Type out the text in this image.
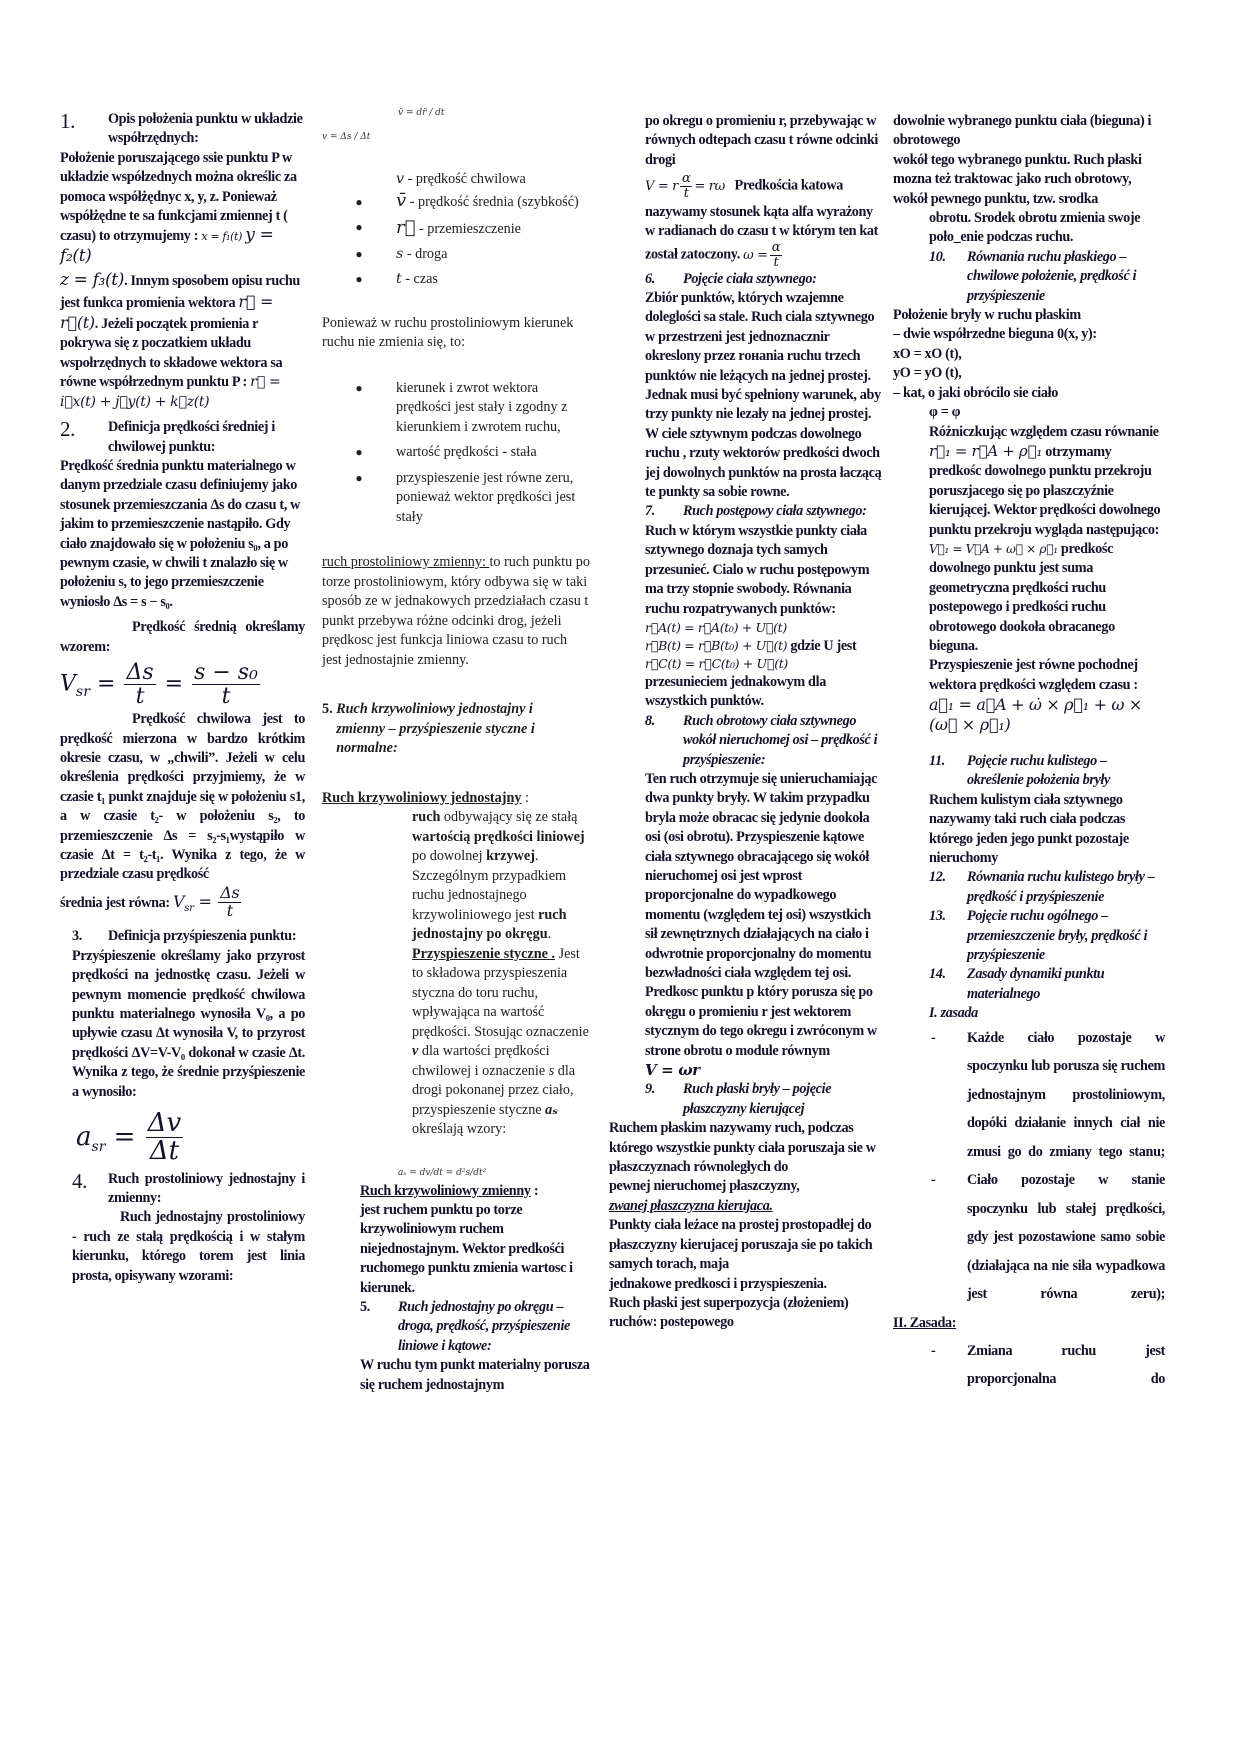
1.	Opis położenia punktu w układzie współrzędnych:
Położenie poruszającego ssie punktu P w układzie współzednych można określic za pomoca współżędnyc x, y, z. Ponieważ współżędne te sa funkcjami zmiennej t ( czasu) to otrzymujemy : x = f₁(t) y = f₂(t)
z = f₃(t). Innym sposobem opisu ruchu jest funkca promienia wektora r⃗ = r⃗(t). Jeżeli początek promienia r pokrywa się z poczatkiem układu wspołrzędnych to składowe wektora sa równe współrzednym punktu P : r⃗ = i⃗x(t) + j⃗y(t) + k⃗z(t)
2.	Definicja prędkości średniej i chwilowej punktu:
Prędkość średnia punktu materialnego w danym przedziale czasu definiujemy jako stosunek przemieszczania Δs do czasu t, w jakim to przemieszczenie nastąpiło. Gdy ciało znajdowało się w położeniu s₀, a po pewnym czasie, w chwili t znalazło się w położeniu s, to jego przemieszczenie wyniosło Δs = s − s₀.
Prędkość średnią określamy wzorem:
$V_{sr} = \frac{\Delta s}{t} = \frac{\text{s − s₀}}{t}$
Prędkość chwilowa jest to prędkość mierzona w bardzo krótkim okresie czasu, w „chwili”. Jeżeli w celu określenia prędkości przyjmiemy, że w czasie t₁ punkt znajduje się w położeniu s1, a w czasie t₂- w położeniu s₂, to przemieszczenie Δs = s₂-s₁wystąpiło w czasie Δt = t₂-t₁. Wynika z tego, że w przedziale czasu prędkość
średnia jest równa: $V_{sr} = \frac{\Delta s}{t}$
3.	Definicja przyśpieszenia punktu:
Przyśpieszenie określamy jako przyrost prędkości na jednostkę czasu. Jeżeli w pewnym momencie prędkość chwilowa punktu materialnego wynosiła V₀, a po upływie czasu Δt wynosiła V, to przyrost prędkości ΔV=V-V₀ dokonał w czasie Δt. Wynika z tego, że średnie przyśpieszenie a wynosiło:
$a_{sr} = \frac{\Delta v}{\Delta t}$
4.	Ruch prostoliniowy jednostajny i zmienny:
Ruch jednostajny prostoliniowy - ruch ze stałą prędkością i w stałym kierunku, którego torem jest linia prosta, opisywany wzorami:
v = Δs / Δt
v̄ = dr̄ / dt
v - prędkość chwilowa
●	v̄ - prędkość średnia (szybkość)
●	r⃗ - przemieszczenie
●	s - droga
●	t - czas
Ponieważ w ruchu prostoliniowym kierunek ruchu nie zmienia się, to:
●	kierunek i zwrot wektora prędkości jest stały i zgodny z kierunkiem i zwrotem ruchu,
●	wartość prędkości - stała
●	przyspieszenie jest równe zeru, ponieważ wektor prędkości jest stały
ruch prostoliniowy zmienny: to ruch punktu po torze prostoliniowym, który odbywa się w taki sposób ze w jednakowych przedziałach czasu t punkt przebywa różne odcinki drog, jeżeli prędkosc jest funkcja liniowa czasu to ruch jest jednostajnie zmienny.
5.
Ruch krzywoliniowy jednostajny i zmienny – przyśpieszenie styczne i normalne:
Ruch krzywoliniowy jednostajny :
ruch odbywający się ze stałą wartością prędkości liniowej po dowolnej krzywej. Szczególnym przypadkiem ruchu jednostajnego krzywoliniowego jest ruch jednostajny po okręgu. Przyspieszenie styczne . Jest to składowa przyspieszenia styczna do toru ruchu, wpływająca na wartość prędkości. Stosując oznaczenie v dla wartości prędkości chwilowej i oznaczenie s dla drogi pokonanej przez ciało, przyspieszenie styczne aₛ określają wzory:
aₛ = dv/dt = d²s/dt²
Ruch krzywoliniowy zmienny :
jest ruchem punktu po torze krzywoliniowym ruchem niejednostajnym. Wektor predkośći ruchomego punktu zmienia wartosc i kierunek.
5.	Ruch jednostajny po okręgu – droga, prędkość, przyśpieszenie liniowe i kątowe:
W ruchu tym punkt materialny porusza się ruchem jednostajnym
po okregu o promieniu r, przebywając w równych odtepach czasu t równe odcinki drogi
V = r $\frac{\alpha}{t} = r\omega$ Predkościa katowa
nazywamy stosunek kąta alfa wyrażony w radianach do czasu t w którym ten kat został zatoczony. $\omega = \frac{\alpha}{t}$
6.	Pojęcie ciała sztywnego:
Zbiór punktów, których wzajemne doleglości sa stale. Ruch ciala sztywnego w przestrzeni jest jednoznacznir okreslony przez rонania ruchu trzech punktów nie leżących na jednej prostej. Jednak musi być spełniony warunek, aby trzy punkty nie lezały na jednej prostej. W ciele sztywnym podczas dowolnego ruchu , rzuty wektorów predkości dwoch jej dowolnych punktów na prosta łaczącą te punkty sa sobie rowne.
7.	Ruch postępowy ciała sztywnego:
Ruch w którym wszystkie punkty ciała sztywnego doznaja tych samych przesunieć. Cialo w ruchu postępowym ma trzy stopnie swobody. Równania ruchu rozpatrywanych punktów:
r⃗A(t) = r⃗A(t₀) + U⃗(t)
r⃗B(t) = r⃗B(t₀) + U⃗(t) gdzie U jest
r⃗C(t) = r⃗C(t₀) + U⃗(t)
przesunieciem jednakowym dla wszystkich punktów.
8.	Ruch obrotowy ciała sztywnego wokół nieruchomej osi – prędkość i przyśpieszenie:
Ten ruch otrzymuje się unieruchamiając dwa punkty bryły. W takim przypadku bryla może obracac się jedynie dookoła osi (osi obrotu). Przyspieszenie kątowe ciała sztywnego obracającego się wokół nieruchomej osi jest wprost proporcjonalne do wypadkowego momentu (względem tej osi) wszystkich sił zewnętrznych działających na ciało i odwrotnie proporcjonalny do momentu bezwładności ciała względem tej osi.
Predkosc punktu p który porusza się po okręgu o promieniu r jest wektorem stycznym do tego okregu i zwróconym w strone obrotu o module równym
V = ωr
9.	Ruch płaski bryły – pojęcie płaszczyzny kierującej
Ruchem płaskim nazywamy ruch, podczas którego wszystkie punkty ciała poruszaja sie w płaszczyznach równoległych do
pewnej nieruchomej płaszczyzny,
zwanej płaszczyzna kierujaca.
Punkty ciała leżace na prostej prostopadłej do płaszczyzny kierujacej poruszaja sie po takich samych torach, maja
jednakowe predkosci i przyspieszenia.
Ruch płaski jest superpozycja (złożeniem) ruchów: postepowego
dowolnie wybranego punktu ciała (bieguna) i obrotowego
wokół tego wybranego punktu. Ruch płaski mozna też traktowac jako ruch obrotowy, wokół pewnego punktu, tzw. srodka
obrotu. Srodek obrotu zmienia swoje poło_enie podczas ruchu.
10.	Równania ruchu płaskiego – chwilowe położenie, prędkość i przyśpieszenie
Położenie bryły w ruchu płaskim
– dwie współrzedne bieguna 0(x, y):
xO = xO (t),
yO = yO (t),
– kat, o jaki obrócilo sie ciało
φ = φ
Różniczkując względem czasu równanie r⃗₁ = r⃗A + ρ⃗₁ otrzymamy predkośc dowolnego punktu przekroju poruszjacego się po plaszczyźnie kierującej. Wektor prędkości dowolnego punktu przekroju wygląda następująco: V⃗₁ = V⃗A + ω⃗ × ρ⃗₁ predkośc dowolnego punktu jest suma geometryczna prędkości ruchu postepowego i predkości ruchu obrotowego dookoła obracanego bieguna.
Przyspieszenie jest równe pochodnej wektora prędkości względem czasu :
a⃗₁ = a⃗A + ω̇ × ρ⃗₁ + ω × (ω⃗ × ρ⃗₁)
11.	Pojęcie ruchu kulistego – określenie położenia bryły
Ruchem kulistym ciała sztywnego nazywamy taki ruch ciała podczas którego jeden jego punkt pozostaje nieruchomy
12.	Równania ruchu kulistego bryły – prędkość i przyśpieszenie
13.	Pojęcie ruchu ogólnego – przemieszczenie bryły, prędkość i przyśpieszenie
14.	Zasady dynamiki punktu materialnego
I. zasada
-	Każde ciało pozostaje w spoczynku lub porusza się ruchem jednostajnym prostoliniowym, dopóki działanie innych ciał nie zmusi go do zmiany tego stanu;
-	Ciało pozostaje w stanie spoczynku lub stałej prędkości, gdy jest pozostawione samo sobie (działająca na nie siła wypadkowa jest równa zeru);
II. Zasada:
-	Zmiana ruchu jest proporcjonalna do
